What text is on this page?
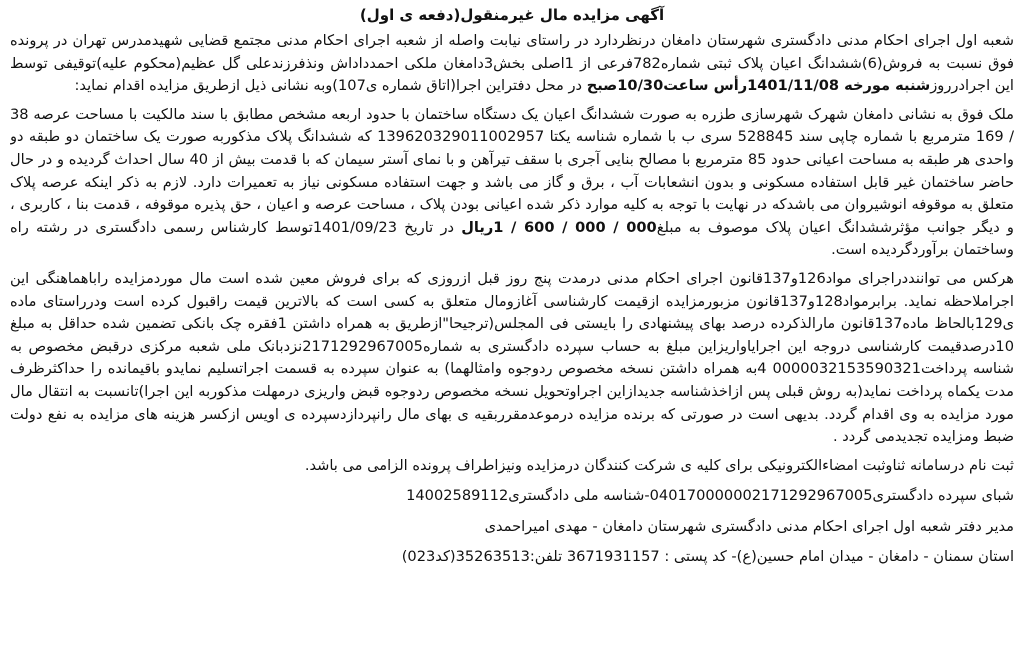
آگهی مزایده مال غیرمنقول(دفعه ی اول)

شعبه اول اجرای احکام مدنی دادگستری شهرستان دامغان درنظردارد در راستای نیابت واصله از شعبه اجرای احکام مدنی مجتمع قضایی شهیدمدرس تهران در پرونده فوق نسبت به فروش(6)ششدانگ اعیان پلاک ثبتی شماره782فرعی از 1اصلی بخش3دامغان ملکی احمدداداش ونذفرزندعلی گل عظیم(محکوم علیه)توقیفی توسط این اجرادرروزشنبه مورخه 1401/11/08رأس ساعت10/30صبح در محل دفتراین اجرا(اتاق شماره ی107)وبه نشانی ذیل ازطریق مزایده اقدام نماید:

ملک فوق به نشانی دامغان شهرک شهرسازی طزره به صورت ششدانگ اعیان یک دستگاه ساختمان با حدود اربعه مشخص مطابق با سند مالکیت با مساحت عرصه 38 / 169 مترمربع با شماره چاپی سند 528845 سری ب با شماره شناسه یکتا 139620329011002957 که ششدانگ پلاک مذکوربه صورت یک ساختمان دو طبقه دو واحدی هر طبقه به مساحت اعیانی حدود 85 مترمربع با مصالح بنایی آجری با سقف تیرآهن و با نمای آستر سیمان که با قدمت بیش از 40 سال احداث گردیده و در حال حاضر ساختمان غیر قابل استفاده مسکونی و بدون انشعابات آب ، برق و گاز می باشد و جهت استفاده مسکونی نیاز به تعمیرات دارد. لازم به ذکر اینکه عرصه پلاک متعلق به موقوفه انوشیروان می باشدکه در نهایت با توجه به کلیه موارد ذکر شده اعیانی بودن پلاک ، مساحت عرصه و اعیان ، حق پذیره موقوفه ، قدمت بنا ، کاربری ، و دیگر جوانب مؤثرششدانگ اعیان پلاک موصوف به مبلغ000 / 000 / 600 / 1ریال در تاریخ 1401/09/23توسط کارشناس رسمی دادگستری در رشته راه وساختمان برآوردگردیده است.

هرکس می تواننددراجرای مواد126و137قانون اجرای احکام مدنی درمدت پنج روز قبل ازروزی که برای فروش معین شده است مال موردمزایده راباهماهنگی این اجراملاحظه نماید. برابرمواد128و137قانون مزبورمزایده ازقیمت کارشناسی آغازومال متعلق به کسی است که بالاترین قیمت راقبول کرده است ودرراستای ماده ی129بالحاظ ماده137قانون مارالذکرده درصد بهای پیشنهادی را بایستی فی المجلس(ترجیحا"ازطریق به همراه داشتن 1فقره چک بانکی تضمین شده حداقل به مبلغ 10درصدقیمت کارشناسی دروجه این اجرایاواریزاین مبلغ به حساب سپرده دادگستری به شماره2171292967005نزدبانک ملی شعبه مرکزی درقبض مخصوص به شناسه پرداخت0000032153590321 4به همراه داشتن نسخه مخصوص ردوجوه وامثالهما) به عنوان سپرده به قسمت اجراتسلیم نمایدو باقیمانده را حداکثرظرف مدت یکماه پرداخت نماید(به روش قبلی پس ازاخذشناسه جدیدازاین اجراوتحویل نسخه مخصوص ردوجوه قبض واریزی درمهلت مذکوربه این اجرا)تانسبت به انتقال مال مورد مزایده به وی اقدام گردد. بدیهی است در صورتی که برنده مزایده درموعدمقرربقیه ی بهای مال رانپردازدسپرده ی اویس ازکسر هزینه های مزایده به نفع دولت ضبط ومزایده تجدیدمی گردد .

ثبت نام درسامانه ثناوثبت امضاءالکترونیکی برای کلیه ی شرکت کنندگان درمزایده ونیزاطراف پرونده الزامی می باشد.

شبای سپرده دادگستری040170000002171292967005-شناسه ملی دادگستری14002589112

مدیر دفتر شعبه اول اجرای احکام مدنی دادگستری شهرستان دامغان - مهدی امیراحمدی

استان سمنان - دامغان - میدان امام حسین(ع)- کد پستی : 3671931157 تلفن:35263513(کد023)
